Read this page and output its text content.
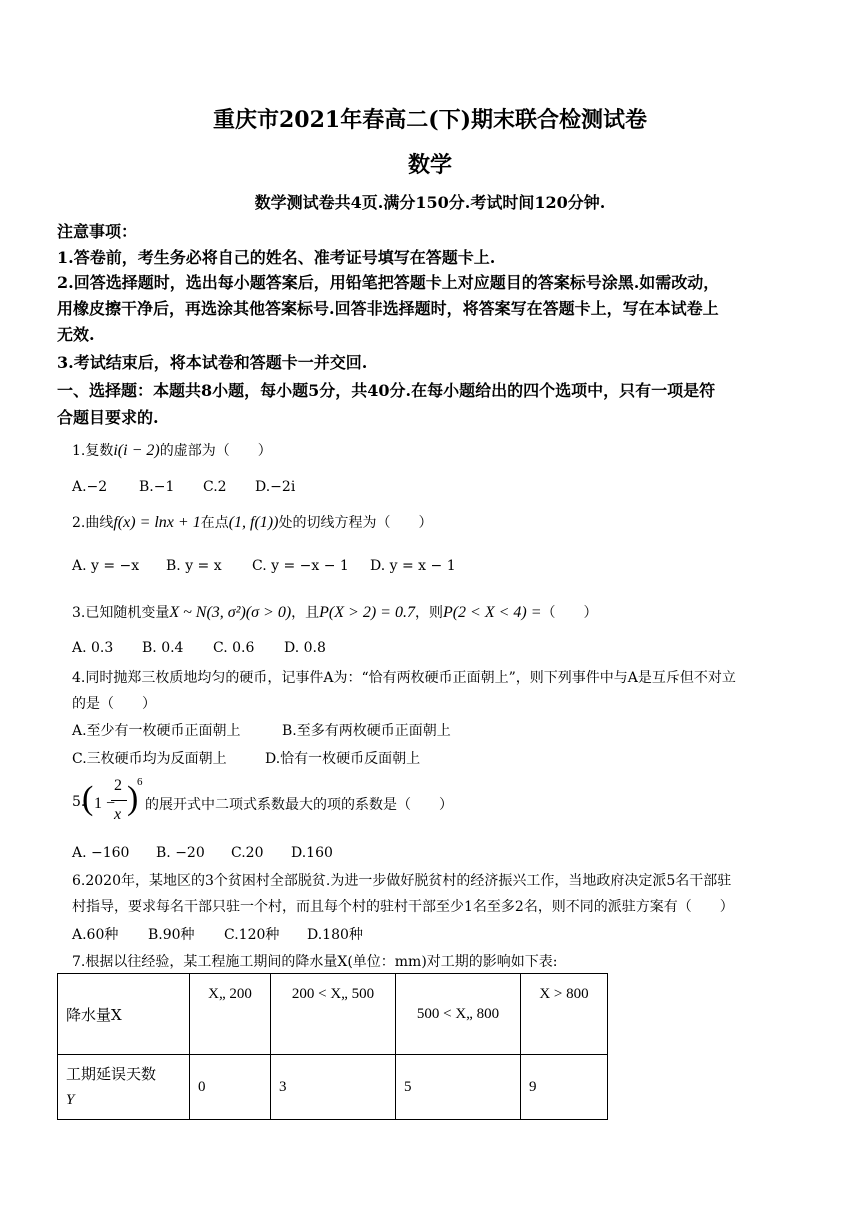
重庆市2021年春高二(下)期末联合检测试卷
数学
数学测试卷共4页.满分150分.考试时间120分钟.
注意事项：
1.答卷前，考生务必将自己的姓名、准考证号填写在答题卡上.
2.回答选择题时，选出每小题答案后，用铅笔把答题卡上对应题目的答案标号涂黑.如需改动，
用橡皮擦干净后，再选涂其他答案标号.回答非选择题时，将答案写在答题卡上，写在本试卷上
无效.
3.考试结束后，将本试卷和答题卡一并交回.
一、选择题：本题共8小题，每小题5分，共40分.在每小题给出的四个选项中，只有一项是符
合题目要求的.
1.复数i(i − 2)的虚部为（　　）
A.−2 B.−1 C.2 D.−2i
2.曲线f(x) = lnx + 1在点(1, f(1))处的切线方程为（　　）
A. y = −x B. y = x C. y = −x − 1 D. y = x − 1
3.已知随机变量X ~ N(3, σ²)(σ > 0)，且P(X > 2) = 0.7，则P(2 < X < 4) =（　　）
A. 0.3 B. 0.4 C. 0.6 D. 0.8
4.同时抛郑三枚质地均匀的硬币，记事件A为：“恰有两枚硬币正面朝上”，则下列事件中与A是互斥但不对立
的是（　　）
A.至少有一枚硬币正面朝上	B.至多有两枚硬币正面朝上
C.三枚硬币均为反面朝上	D.恰有一枚硬币反面朝上
5.
( 1 −
2
x )
6
的展开式中二项式系数最大的项的系数是（　　）
A. −160 B. −20 C.20 D.160
6.2020年，某地区的3个贫困村全部脱贫.为进一步做好脱贫村的经济振兴工作，当地政府决定派5名干部驻
村指导，要求每名干部只驻一个村，而且每个村的驻村干部至少1名至多2名，则不同的派驻方案有（　　）
A.60种 B.90种 C.120种 D.180种
7.根据以往经验，某工程施工期间的降水量X(单位：mm)对工期的影响如下表:
降水量X	X„ 200	200 < X„ 500	500 < X„ 800	X > 800

工期延误天数
Y	0	3	5	9
